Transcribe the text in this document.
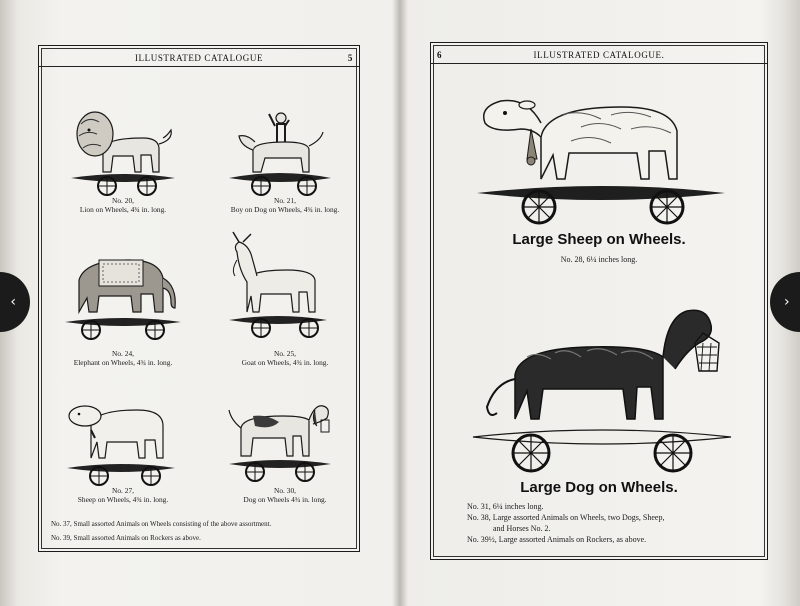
ILLUSTRATED CATALOGUE	5
No. 20,
Lion on Wheels, 4¾ in. long.
No. 21,
Boy on Dog on Wheels, 4¾ in. long.
No. 24,
Elephant on Wheels, 4¾ in. long.
No. 25,
Goat on Wheels, 4¾ in. long.
No. 27,
Sheep on Wheels, 4¾ in. long.
No. 30,
Dog on Wheels 4¾ in. long.
No. 37, Small assorted Animals on Wheels consisting of the above assortment.
No. 39, Small assorted Animals on Rockers as above.
6	ILLUSTRATED CATALOGUE.
Large Sheep on Wheels.
No. 28, 6¼ inches long.
Large Dog on Wheels.
No. 31, 6¼ inches long.
No. 38, Large assorted Animals on Wheels, two Dogs, Sheep,
and Horses No. 2.
No. 39½, Large assorted Animals on Rockers, as above.
‹	›
